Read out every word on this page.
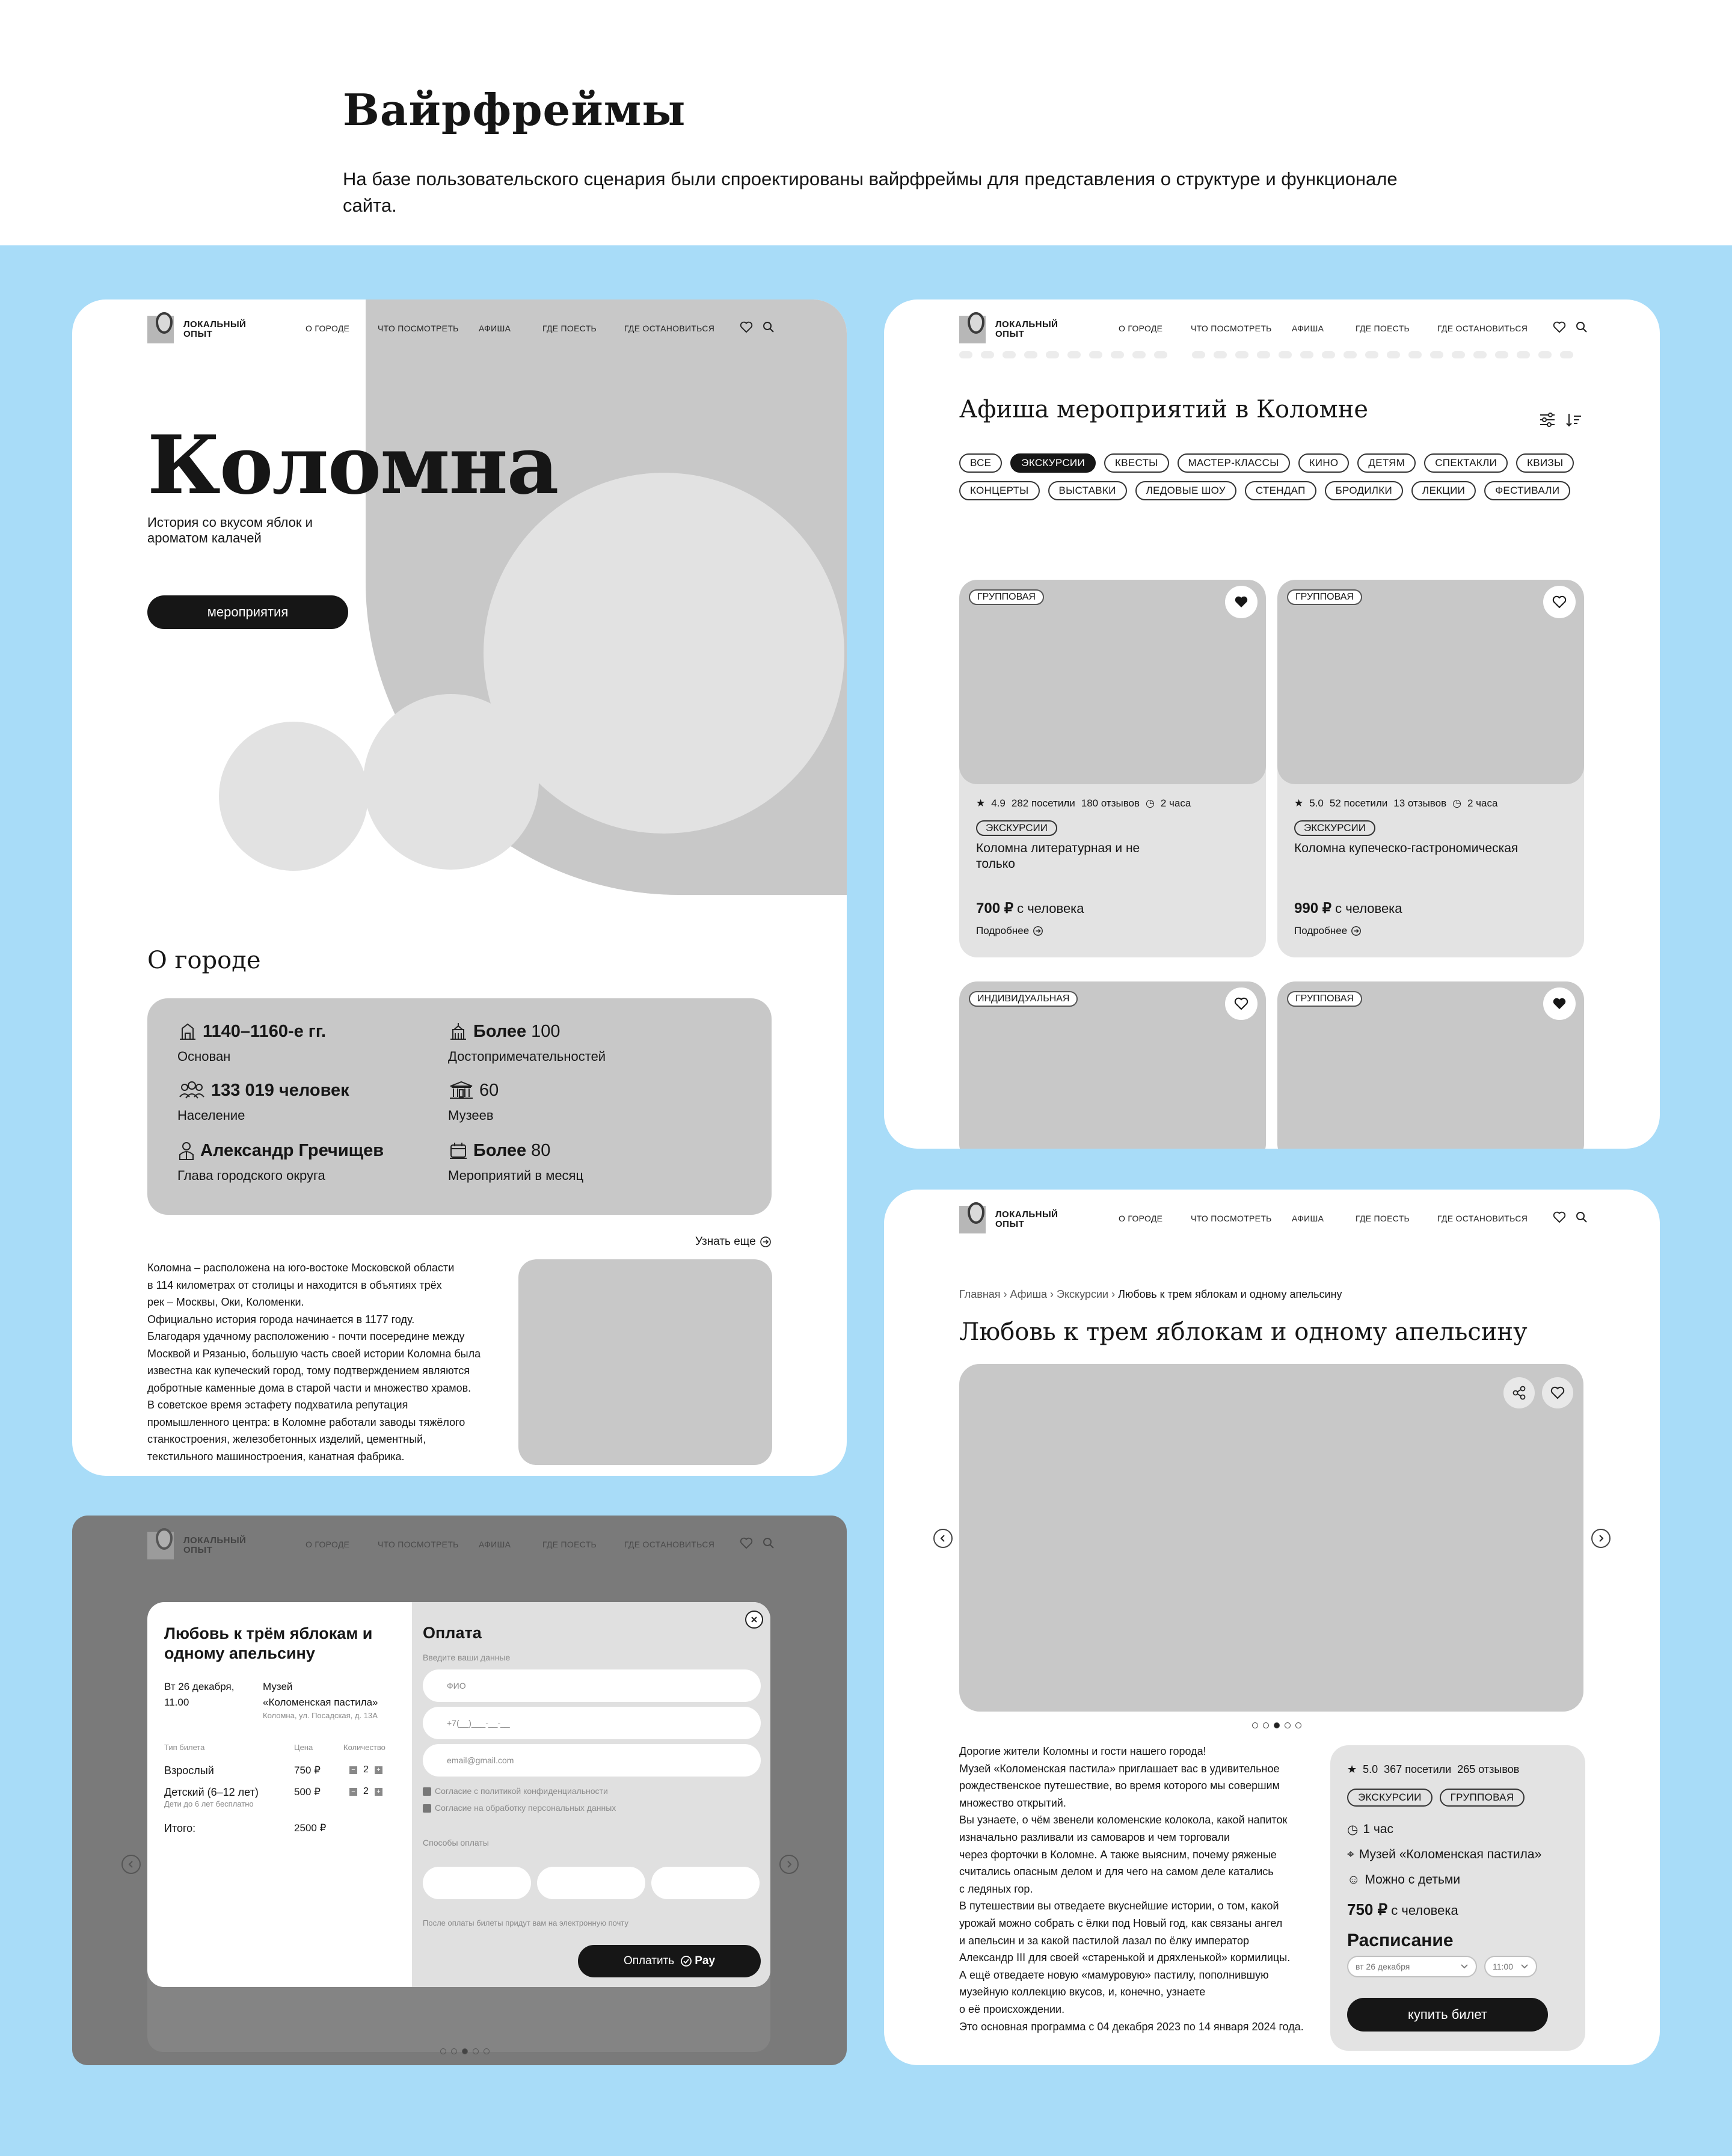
Вайрфреймы

На базе пользовательского сценария были спроектированы вайрфреймы для представления о структуре и функционале сайта.

ЛОКАЛЬНЫЙ
ОПЫТ
О ГОРОДЕ	ЧТО ПОСМОТРЕТЬ АФИША	ГДЕ ПОЕСТЬ	ГДЕ ОСТАНОВИТЬСЯ
Коломна
История со вкусом яблок и ароматом калачей
мероприятия
О городе
1140–1160-е гг.
Основан
Более 100
Достопримечательностей
133 019 человек
Население
60
Музеев
Александр Гречищев
Глава городского округа
Более 80
Мероприятий в месяц
Узнать еще
Коломна – расположена на юго-востоке Московской области
в 114 километрах от столицы и находится в объятиях трёх
рек – Москвы, Оки, Коломенки.
Официально история города начинается в 1177 году.
Благодаря удачному расположению - почти посередине между
Москвой и Рязанью, большую часть своей истории Коломна была
известна как купеческий город, тому подтверждением являются
добротные каменные дома в старой части и множество храмов.
В советское время эстафету подхватила репутация
промышленного центра: в Коломне работали заводы тяжёлого
станкостроения, железобетонных изделий, цементный,
текстильного машиностроения, канатная фабрика.
ЛОКАЛЬНЫЙ
ОПЫТ
О ГОРОДЕ	ЧТО ПОСМОТРЕТЬ АФИША	ГДЕ ПОЕСТЬ	ГДЕ ОСТАНОВИТЬСЯ
Афиша мероприятий в Коломне
ВСЕ	ЭКСКУРСИИ	КВЕСТЫ	МАСТЕР-КЛАССЫ	КИНО	ДЕТЯМ	СПЕКТАКЛИ	КВИЗЫ
КОНЦЕРТЫ	ВЫСТАВКИ	ЛЕДОВЫЕ ШОУ	СТЕНДАП	БРОДИЛКИ	ЛЕКЦИИ	ФЕСТИВАЛИ
ГРУППОВАЯ
★ 4.9 282 посетили 180 отзывов ◷ 2 часа
ЭКСКУРСИИ
Коломна литературная и не только
700 ₽ с человека
Подробнее
ГРУППОВАЯ
★ 5.0 52 посетили 13 отзывов ◷ 2 часа
ЭКСКУРСИИ
Коломна купеческо-гастрономическая
990 ₽ с человека
Подробнее
ИНДИВИДУАЛЬНАЯ	ГРУППОВАЯ
ЛОКАЛЬНЫЙ
ОПЫТ
О ГОРОДЕ	ЧТО ПОСМОТРЕТЬ АФИША	ГДЕ ПОЕСТЬ	ГДЕ ОСТАНОВИТЬСЯ
Главная › Афиша › Экскурсии › Любовь к трем яблокам и одному апельсину
Любовь к трем яблокам и одному апельсину
Дорогие жители Коломны и гости нашего города!
Музей «Коломенская пастила» приглашает вас в удивительное
рождественское путешествие, во время которого мы совершим
множество открытий.
Вы узнаете, о чём звенели коломенские колокола, какой напиток
изначально разливали из самоваров и чем торговали
через форточки в Коломне. А также выясним, почему ряженые
считались опасным делом и для чего на самом деле катались
с ледяных гор.
В путешествии вы отведаете вкуснейшие истории, о том, какой
урожай можно собрать с ёлки под Новый год, как связаны ангел
и апельсин и за какой пастилой лазал по ёлку император
Александр III для своей «старенькой и дряхленькой» кормилицы.
А ещё отведаете новую «мамуровую» пастилу, пополнившую
музейную коллекцию вкусов, и, конечно, узнаете
о её происхождении.
Это основная программа с 04 декабря 2023 по 14 января 2024 года.
★ 5.0 367 посетили 265 отзывов
ЭКСКУРСИИ	ГРУППОВАЯ
◷ 1 час
⌖ Музей «Коломенская пастила»
☺ Можно с детьми
750 ₽ с человека
Расписание
вт 26 декабря	11:00
купить билет
ЛОКАЛЬНЫЙ
ОПЫТ
О ГОРОДЕ	ЧТО ПОСМОТРЕТЬ АФИША	ГДЕ ПОЕСТЬ	ГДЕ ОСТАНОВИТЬСЯ
Любовь к трём яблокам и одному апельсину
Вт 26 декабря,
11.00
Музей
«Коломенская пастила»
Коломна, ул. Посадская, д. 13А
Тип билета	Цена	Количество
Взрослый	750 ₽	− 2 +
Детский (6–12 лет)
Дети до 6 лет бесплатно
500 ₽	− 2 +
Итого:	2500 ₽
Оплата
Введите ваши данные
ФИО
+7(__)___-__-__
email@gmail.com
Согласие с политикой конфиденциальности
Согласие на обработку персональных данных
Способы оплаты
После оплаты билеты придут вам на электронную почту
Оплатить Pay
